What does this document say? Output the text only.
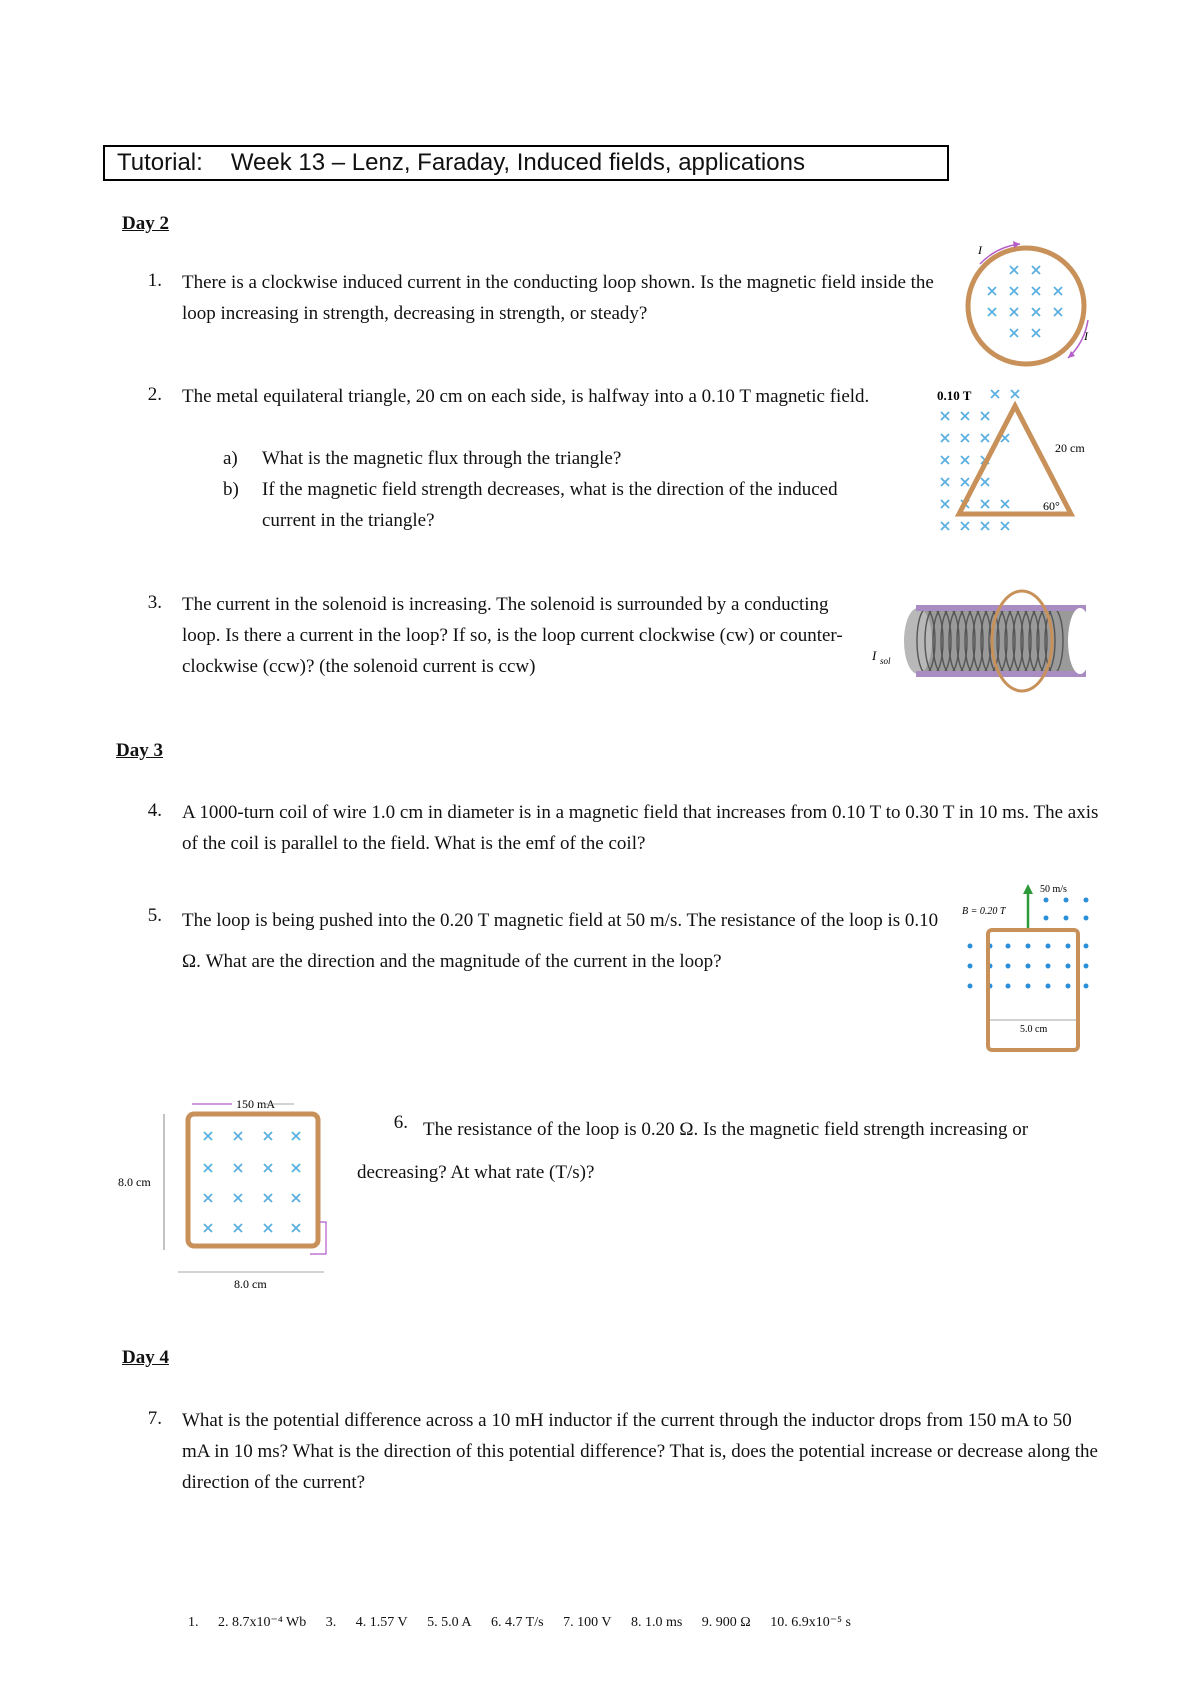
Tutorial: Week 13 – Lenz, Faraday, Induced fields, applications
Day 2
1. There is a clockwise induced current in the conducting loop shown. Is the magnetic field inside the loop increasing in strength, decreasing in strength, or steady?
2. The metal equilateral triangle, 20 cm on each side, is halfway into a 0.10 T magnetic field.
a) What is the magnetic flux through the triangle?
b) If the magnetic field strength decreases, what is the direction of the induced current in the triangle?
3. The current in the solenoid is increasing. The solenoid is surrounded by a conducting loop. Is there a current in the loop? If so, is the loop current clockwise (cw) or counter-clockwise (ccw)? (the solenoid current is ccw)
Day 3
4. A 1000-turn coil of wire 1.0 cm in diameter is in a magnetic field that increases from 0.10 T to 0.30 T in 10 ms. The axis of the coil is parallel to the field. What is the emf of the coil?
5. The loop is being pushed into the 0.20 T magnetic field at 50 m/s. The resistance of the loop is 0.10 Ω. What are the direction and the magnitude of the current in the loop?
6. The resistance of the loop is 0.20 Ω. Is the magnetic field strength increasing or decreasing? At what rate (T/s)?
Day 4
7. What is the potential difference across a 10 mH inductor if the current through the inductor drops from 150 mA to 50 mA in 10 ms? What is the direction of this potential difference? That is, does the potential increase or decrease along the direction of the current?
1. 2. 8.7x10⁻⁴ Wb 3. 4. 1.57 V 5. 5.0 A 6. 4.7 T/s 7. 100 V 8. 1.0 ms 9. 900 Ω 10. 6.9x10⁻⁵ s
I
I
0.10 T
20 cm
60°
I sol
50 m/s
B = 0.20 T
5.0 cm
150 mA
8.0 cm
8.0 cm
